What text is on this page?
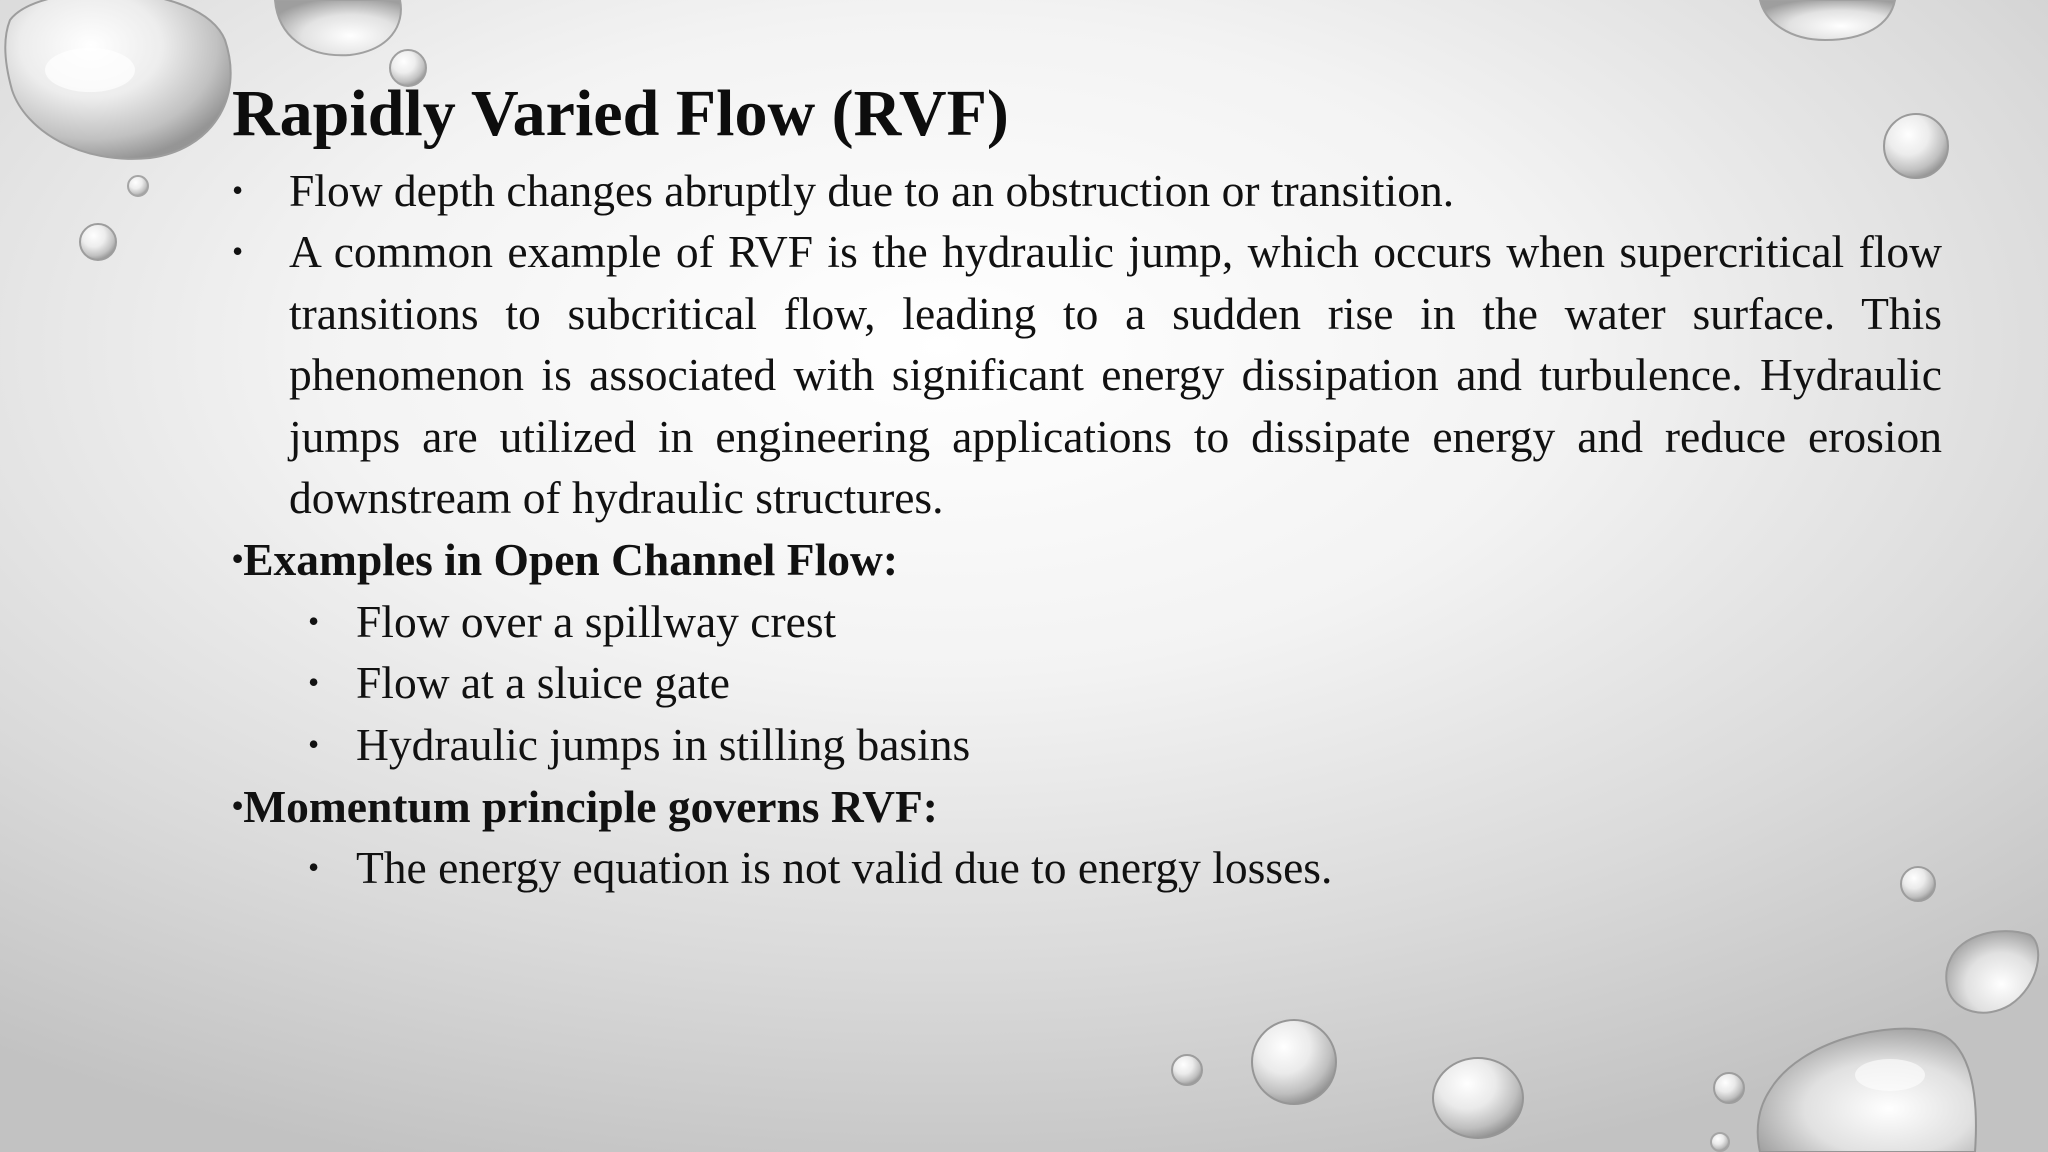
Rapidly Varied Flow (RVF)
• Flow depth changes abruptly due to an obstruction or transition.
• A common example of RVF is the hydraulic jump, which occurs when supercritical flow transitions to subcritical flow, leading to a sudden rise in the water surface. This phenomenon is associated with significant energy dissipation and turbulence. Hydraulic jumps are utilized in engineering applications to dissipate energy and reduce erosion downstream of hydraulic structures.
•Examples in Open Channel Flow:
• Flow over a spillway crest
• Flow at a sluice gate
• Hydraulic jumps in stilling basins
•Momentum principle governs RVF:
• The energy equation is not valid due to energy losses.
